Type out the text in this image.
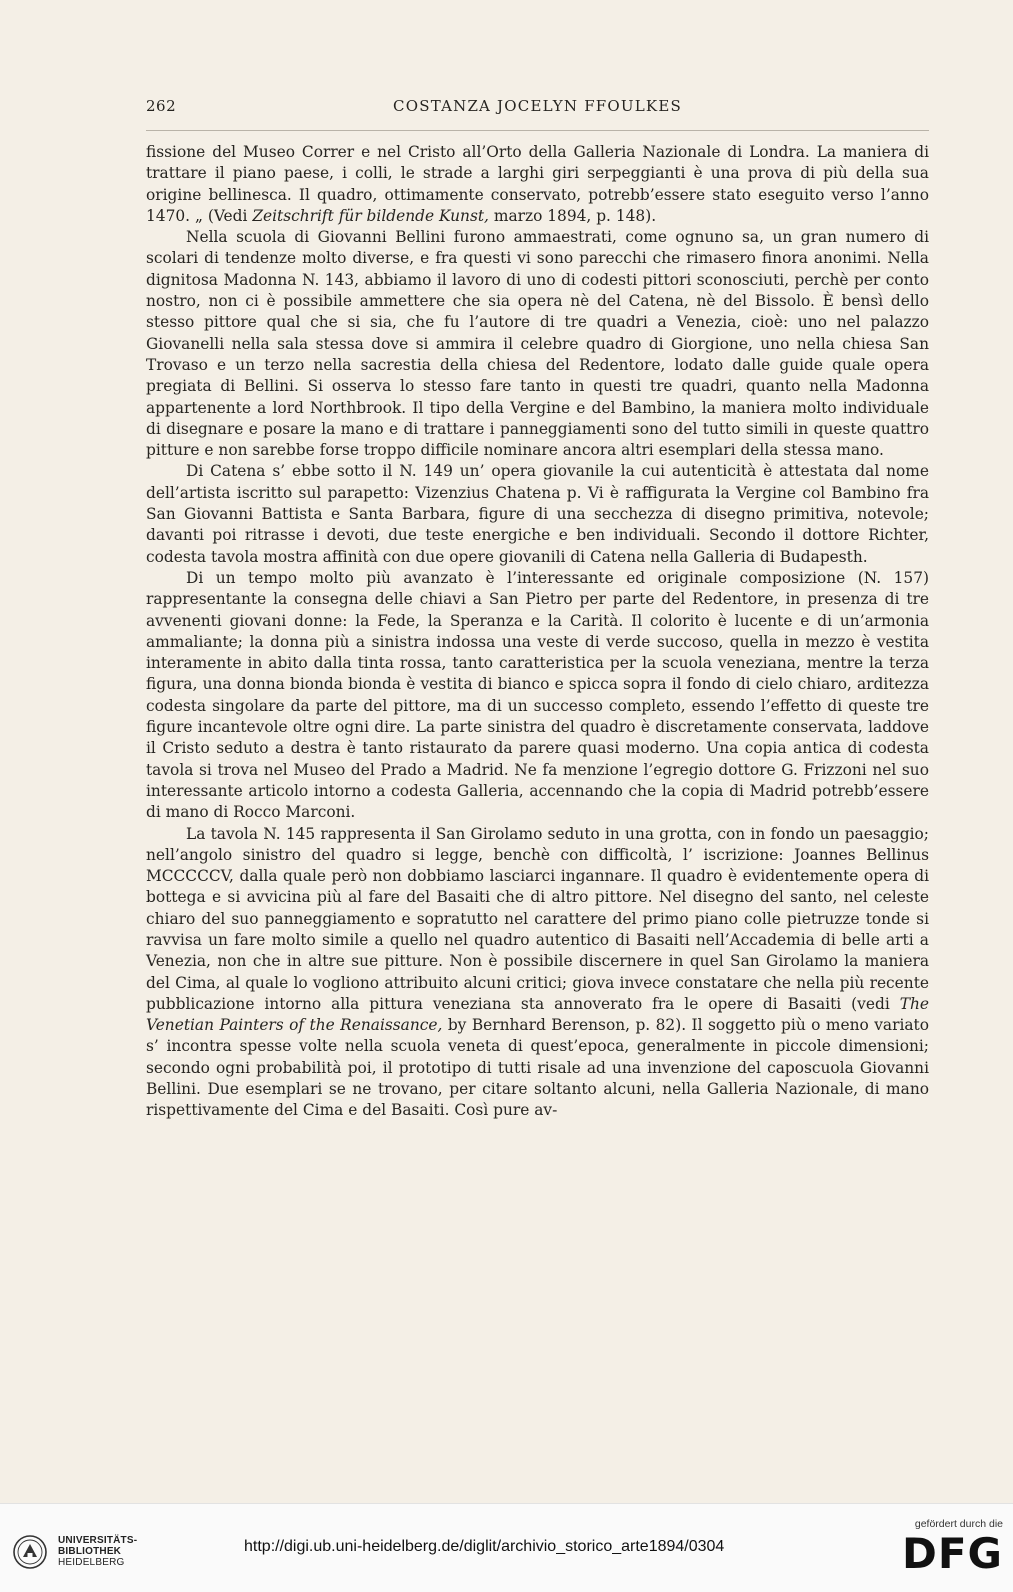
262	COSTANZA JOCELYN FFOULKES

fissione del Museo Correr e nel Cristo all’Orto della Galleria Nazionale di Londra. La maniera di trattare il piano paese, i colli, le strade a larghi giri serpeggianti è una prova di più della sua origine bellinesca. Il quadro, ottimamente conservato, potrebb’essere stato eseguito verso l’anno 1470. „ (Vedi Zeitschrift für bildende Kunst, marzo 1894, p. 148).

Nella scuola di Giovanni Bellini furono ammaestrati, come ognuno sa, un gran numero di scolari di tendenze molto diverse, e fra questi vi sono parecchi che rimasero finora anonimi. Nella dignitosa Madonna N. 143, abbiamo il lavoro di uno di codesti pittori sconosciuti, perchè per conto nostro, non ci è possibile ammettere che sia opera nè del Catena, nè del Bissolo. È bensì dello stesso pittore qual che si sia, che fu l’autore di tre quadri a Venezia, cioè: uno nel palazzo Giovanelli nella sala stessa dove si ammira il celebre quadro di Giorgione, uno nella chiesa San Trovaso e un terzo nella sacrestia della chiesa del Redentore, lodato dalle guide quale opera pregiata di Bellini. Si osserva lo stesso fare tanto in questi tre quadri, quanto nella Madonna appartenente a lord Northbrook. Il tipo della Vergine e del Bambino, la maniera molto individuale di disegnare e posare la mano e di trattare i panneggiamenti sono del tutto simili in queste quattro pitture e non sarebbe forse troppo difficile nominare ancora altri esemplari della stessa mano.

Di Catena s’ ebbe sotto il N. 149 un’ opera giovanile la cui autenticità è attestata dal nome dell’artista iscritto sul parapetto: Vizenzius Chatena p. Vi è raffigurata la Vergine col Bambino fra San Giovanni Battista e Santa Barbara, figure di una secchezza di disegno primitiva, notevole; davanti poi ritrasse i devoti, due teste energiche e ben individuali. Secondo il dottore Richter, codesta tavola mostra affinità con due opere giovanili di Catena nella Galleria di Budapesth.

Di un tempo molto più avanzato è l’interessante ed originale composizione (N. 157) rappresentante la consegna delle chiavi a San Pietro per parte del Redentore, in presenza di tre avvenenti giovani donne: la Fede, la Speranza e la Carità. Il colorito è lucente e di un’armonia ammaliante; la donna più a sinistra indossa una veste di verde succoso, quella in mezzo è vestita interamente in abito dalla tinta rossa, tanto caratteristica per la scuola veneziana, mentre la terza figura, una donna bionda bionda è vestita di bianco e spicca sopra il fondo di cielo chiaro, arditezza codesta singolare da parte del pittore, ma di un successo completo, essendo l’effetto di queste tre figure incantevole oltre ogni dire. La parte sinistra del quadro è discretamente conservata, laddove il Cristo seduto a destra è tanto ristaurato da parere quasi moderno. Una copia antica di codesta tavola si trova nel Museo del Prado a Madrid. Ne fa menzione l’egregio dottore G. Frizzoni nel suo interessante articolo intorno a codesta Galleria, accennando che la copia di Madrid potrebb’essere di mano di Rocco Marconi.

La tavola N. 145 rappresenta il San Girolamo seduto in una grotta, con in fondo un paesaggio; nell’angolo sinistro del quadro si legge, benchè con difficoltà, l’ iscrizione: Joannes Bellinus MCCCCCV, dalla quale però non dobbiamo lasciarci ingannare. Il quadro è evidentemente opera di bottega e si avvicina più al fare del Basaiti che di altro pittore. Nel disegno del santo, nel celeste chiaro del suo panneggiamento e sopratutto nel carattere del primo piano colle pietruzze tonde si ravvisa un fare molto simile a quello nel quadro autentico di Basaiti nell’Accademia di belle arti a Venezia, non che in altre sue pitture. Non è possibile discernere in quel San Girolamo la maniera del Cima, al quale lo vogliono attribuito alcuni critici; giova invece constatare che nella più recente pubblicazione intorno alla pittura veneziana sta annoverato fra le opere di Basaiti (vedi The Venetian Painters of the Renaissance, by Bernhard Berenson, p. 82). Il soggetto più o meno variato s’ incontra spesse volte nella scuola veneta di quest’epoca, generalmente in piccole dimensioni; secondo ogni probabilità poi, il prototipo di tutti risale ad una invenzione del caposcuola Giovanni Bellini. Due esemplari se ne trovano, per citare soltanto alcuni, nella Galleria Nazionale, di mano rispettivamente del Cima e del Basaiti. Così pure av-

UNIVERSITÄTS-
BIBLIOTHEK
HEIDELBERG
http://digi.ub.uni-heidelberg.de/diglit/archivio_storico_arte1894/0304
gefördert durch die
DFG
